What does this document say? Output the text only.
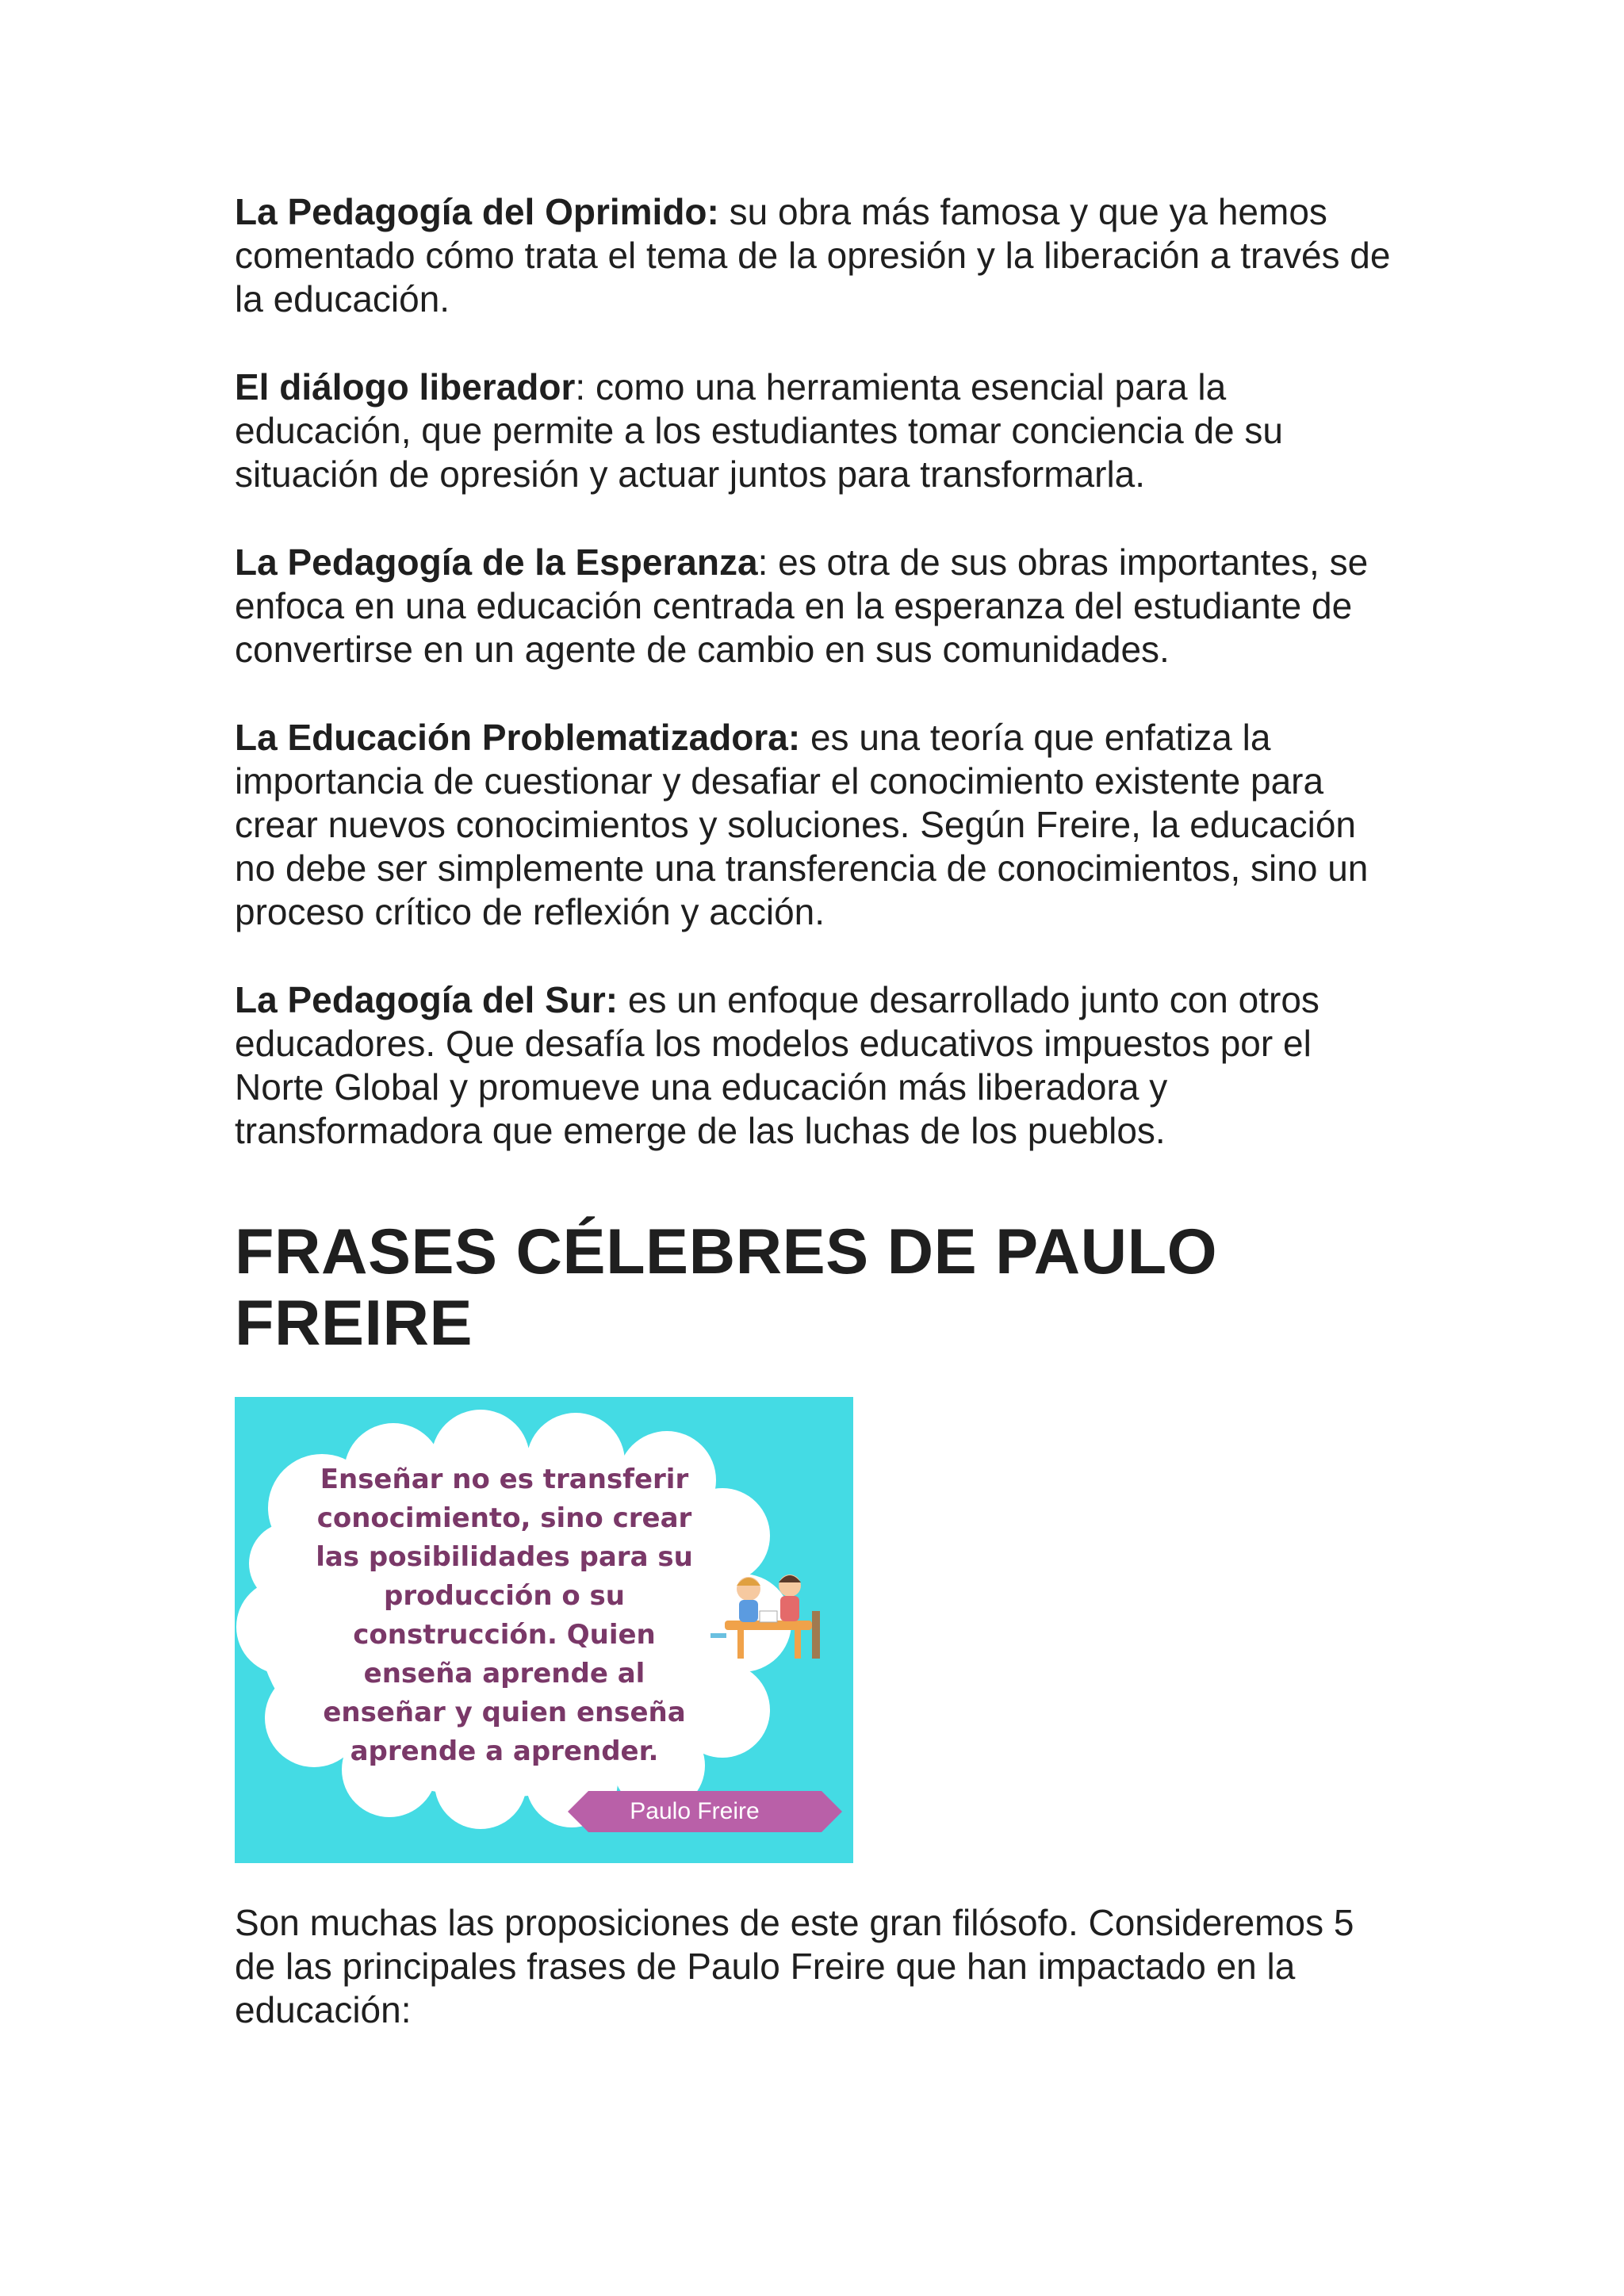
La Pedagogía del Oprimido: su obra más famosa y que ya hemos comentado cómo trata el tema de la opresión y la liberación a través de la educación.

El diálogo liberador: como una herramienta esencial para la educación, que permite a los estudiantes tomar conciencia de su situación de opresión y actuar juntos para transformarla.

La Pedagogía de la Esperanza: es otra de sus obras importantes, se enfoca en una educación centrada en la esperanza del estudiante de convertirse en un agente de cambio en sus comunidades.

La Educación Problematizadora: es una teoría que enfatiza la importancia de cuestionar y desafiar el conocimiento existente para crear nuevos conocimientos y soluciones. Según Freire, la educación no debe ser simplemente una transferencia de conocimientos, sino un proceso crítico de reflexión y acción.

La Pedagogía del Sur: es un enfoque desarrollado junto con otros educadores. Que desafía los modelos educativos impuestos por el Norte Global y promueve una educación más liberadora y transformadora que emerge de las luchas de los pueblos.

FRASES CÉLEBRES DE PAULO FREIRE
Enseñar no es transferir
conocimiento, sino crear
las posibilidades para su
producción o su
construcción. Quien
enseña aprende al
enseñar y quien enseña
aprende a aprender.
Paulo Freire

Son muchas las proposiciones de este gran filósofo. Consideremos 5 de las principales frases de Paulo Freire que han impactado en la educación:
